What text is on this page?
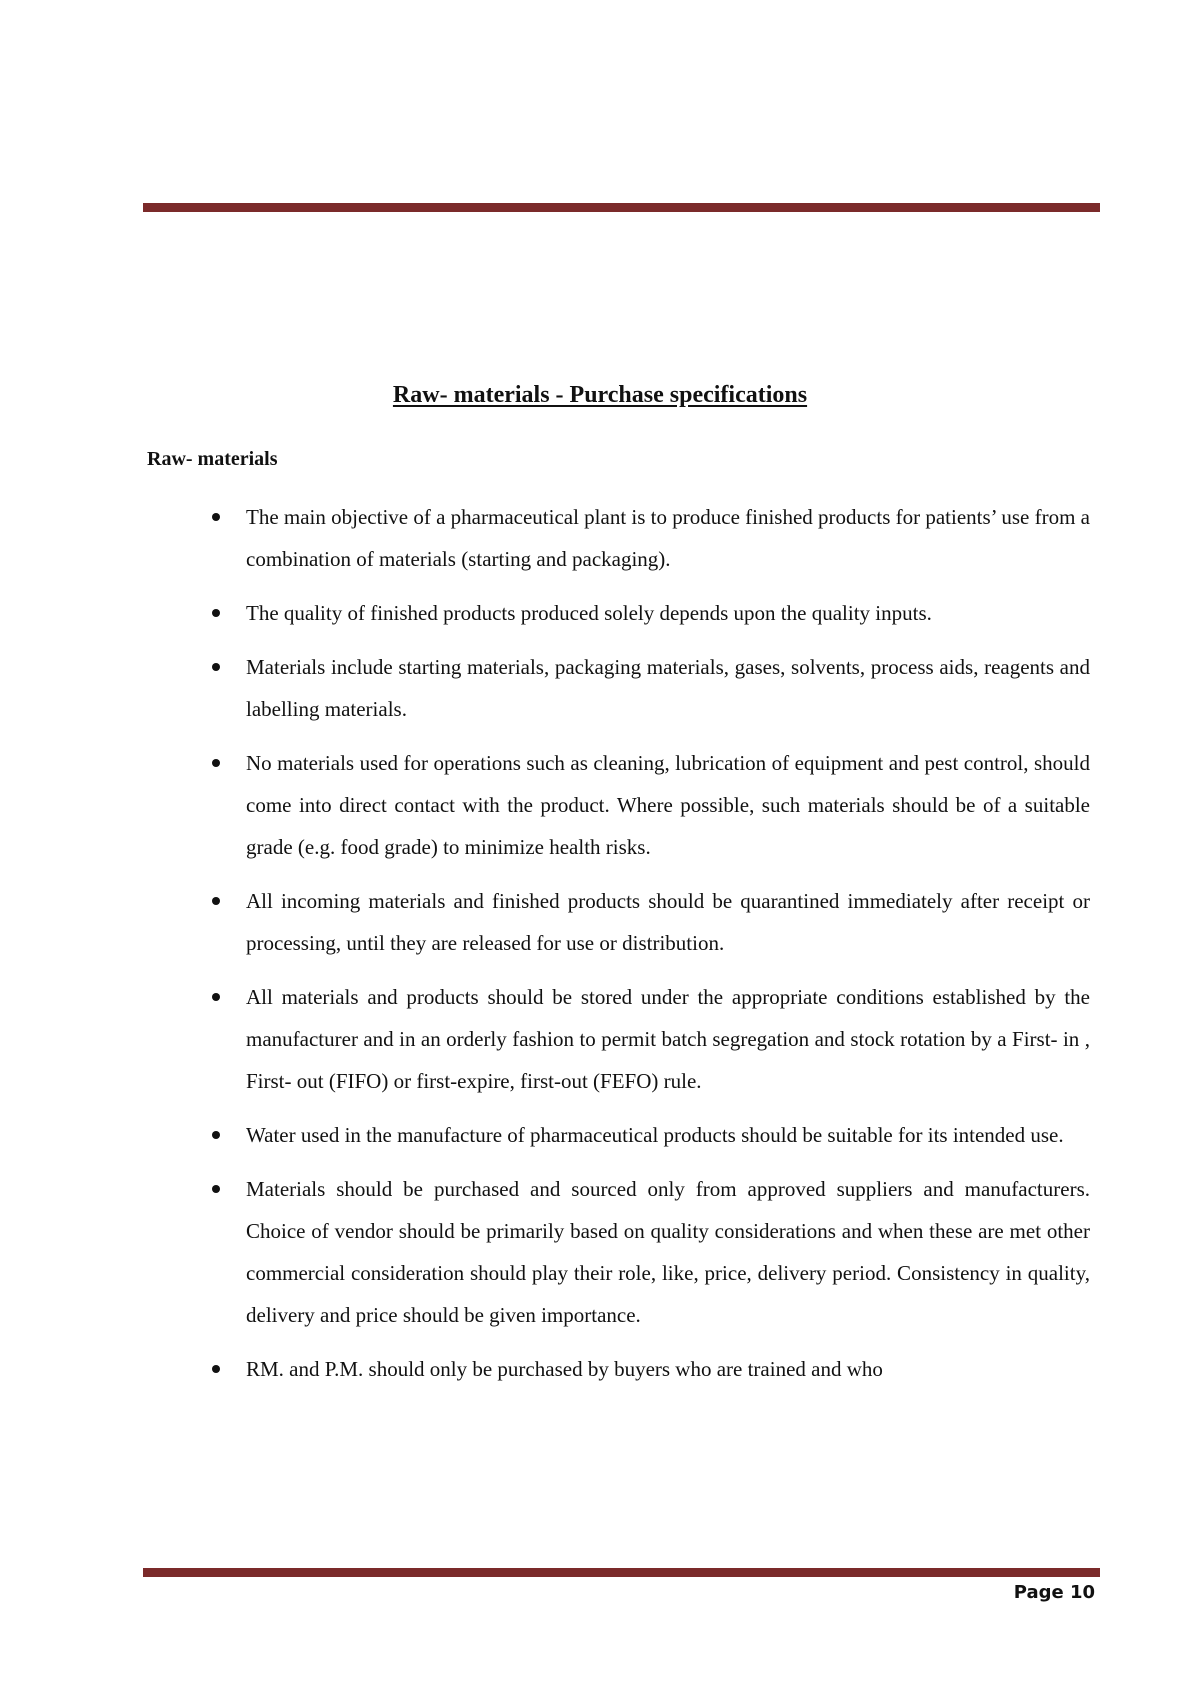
Raw- materials - Purchase specifications
Raw- materials
The main objective of a pharmaceutical plant is to produce finished products for patients’ use from a combination of materials (starting and packaging).
The quality of finished products produced solely depends upon the quality inputs.
Materials include starting materials, packaging materials, gases, solvents, process aids, reagents and labelling materials.
No materials used for operations such as cleaning, lubrication of equipment and pest control, should come into direct contact with the product. Where possible, such materials should be of a suitable grade (e.g. food grade) to minimize health risks.
All incoming materials and finished products should be quarantined immediately after receipt or processing, until they are released for use or distribution.
All materials and products should be stored under the appropriate conditions established by the manufacturer and in an orderly fashion to permit batch segregation and stock rotation by a First- in , First- out (FIFO) or first-expire, first-out (FEFO) rule.
Water used in the manufacture of pharmaceutical products should be suitable for its intended use.
Materials should be purchased and sourced only from approved suppliers and manufacturers. Choice of vendor should be primarily based on quality considerations and when these are met other commercial consideration should play their role, like, price, delivery period. Consistency in quality, delivery and price should be given importance.
RM. and P.M. should only be purchased by buyers who are trained and who
Page 10
